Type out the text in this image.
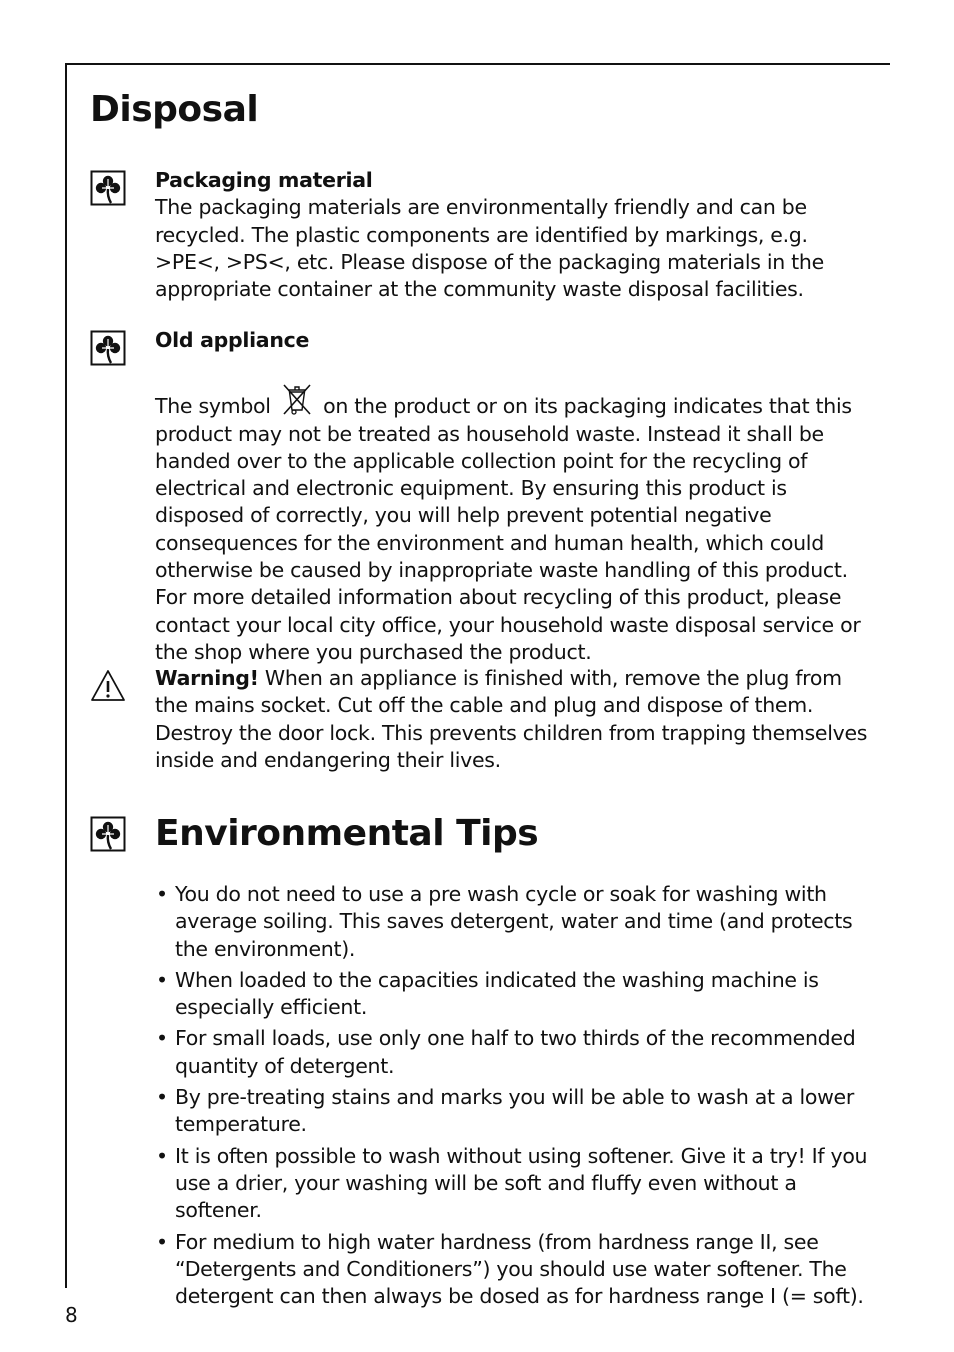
Disposal

Packaging material

The packaging materials are environmentally friendly and can be recycled. The plastic components are identified by markings, e.g. >PE<, >PS<, etc. Please dispose of the packaging materials in the appropriate container at the community waste disposal facilities.

Old appliance

The symbol	on the product or on its packaging indicates that this product may not be treated as household waste. Instead it shall be handed over to the applicable collection point for the recycling of electrical and electronic equipment. By ensuring this product is disposed of correctly, you will help prevent potential negative consequences for the environment and human health, which could otherwise be caused by inappropriate waste handling of this product. For more detailed information about recycling of this product, please contact your local city office, your household waste disposal service or the shop where you purchased the product.

Warning! When an appliance is finished with, remove the plug from the mains socket. Cut off the cable and plug and dispose of them. Destroy the door lock. This prevents children from trapping themselves inside and endangering their lives.

Environmental Tips
• You do not need to use a pre wash cycle or soak for washing with average soiling. This saves detergent, water and time (and protects the environment).
• When loaded to the capacities indicated the washing machine is especially efficient.
• For small loads, use only one half to two thirds of the recommended quantity of detergent.
• By pre-treating stains and marks you will be able to wash at a lower temperature.
• It is often possible to wash without using softener. Give it a try! If you use a drier, your washing will be soft and fluffy even without a softener.
• For medium to high water hardness (from hardness range II, see “Detergents and Conditioners”) you should use water softener. The detergent can then always be dosed as for hardness range I (= soft).
8
